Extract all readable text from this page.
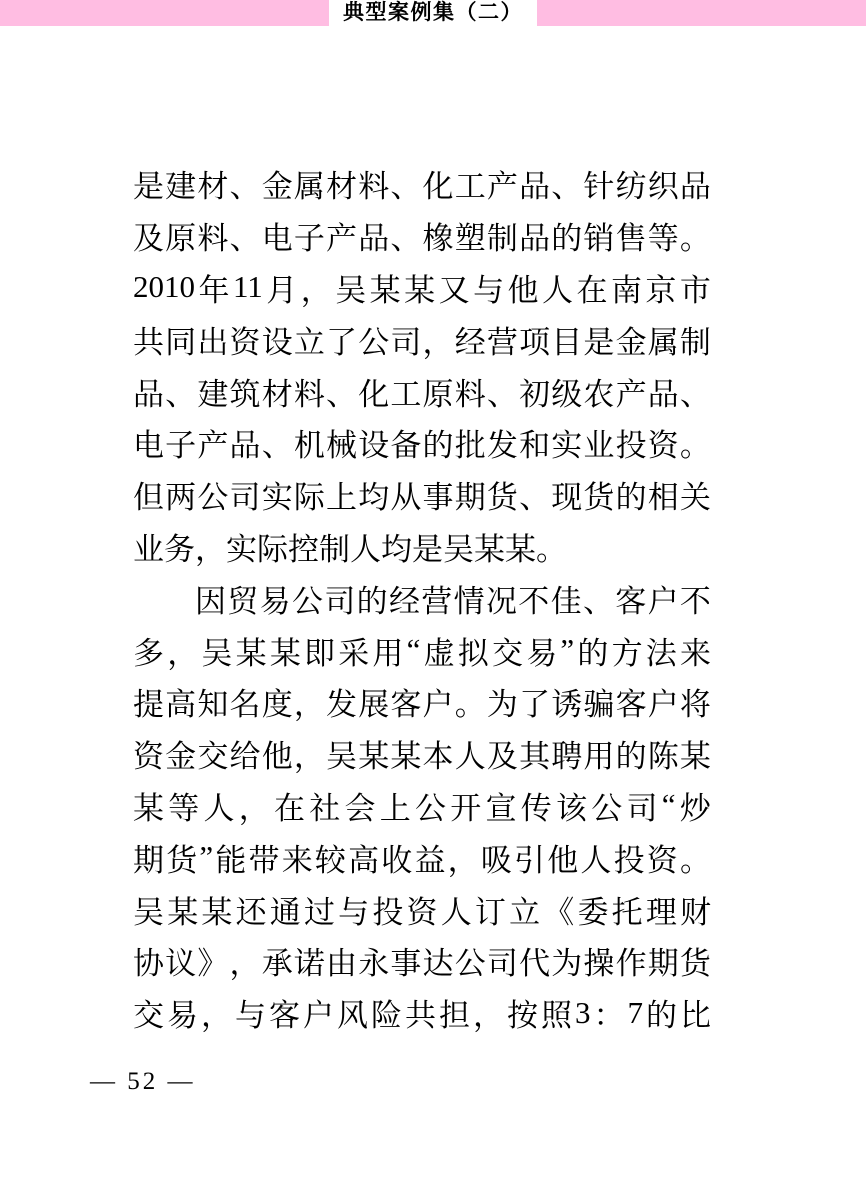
典型案例集（二）
是 建 材 、 金 属 材 料 、 化 工 产 品 、 针 纺 织 品
及 原 料 、 电 子 产 品 、 橡 塑 制 品 的 销 售 等 。
2010 年 11 月 ， 吴 某 某 又 与 他 人 在 南 京 市
共 同 出 资 设 立 了 公 司 ， 经 营 项 目 是 金 属 制
品 、 建 筑 材 料 、 化 工 原 料 、 初 级 农 产 品 、
电 子 产 品 、 机 械 设 备 的 批 发 和 实 业 投 资 。
但 两 公 司 实 际 上 均 从 事 期 货 、 现 货 的 相 关
业务，实际控制人均是吴某某。
因 贸 易 公 司 的 经 营 情 况 不 佳 、 客 户 不
多 ， 吴 某 某 即 采 用 “ 虚 拟 交 易 ” 的 方 法 来
提 高 知 名 度 ， 发 展 客 户 。 为 了 诱 骗 客 户 将
资 金 交 给 他 ， 吴 某 某 本 人 及 其 聘 用 的 陈 某
某 等 人 ， 在 社 会 上 公 开 宣 传 该 公 司 “ 炒
期 货 ” 能 带 来 较 高 收 益 ， 吸 引 他 人 投 资 。
吴 某 某 还 通 过 与 投 资 人 订 立 《 委 托 理 财
协 议 》 ， 承 诺 由 永 事 达 公 司 代 为 操 作 期 货
交 易 ， 与 客 户 风 险 共 担 ， 按 照 3 ： 7 的 比
— 52 —
